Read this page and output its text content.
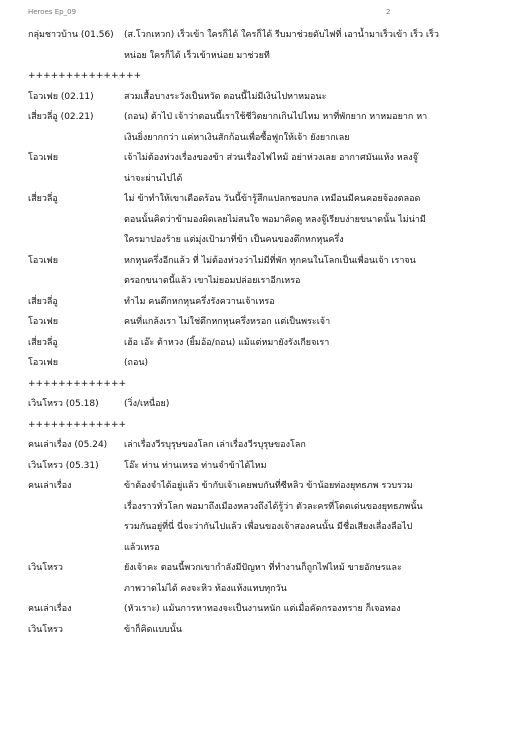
Heroes Ep_09	2
กลุ่มชาวบ้าน (01.56)	(ส.โวกเหวก) เร็วเข้า ใครก็ได้ ใครก็ได้ รีบมาช่วยดับไฟที่ เอาน้ำมาเร็วเข้า เร็ว เร็ว
หน่อย ใครก็ได้ เร็วเข้าหน่อย มาช่วยที
+++++++++++++++
โอวเฟย (02.11)	สวมเสื้อบางระวังเป็นหวัด ตอนนี้ไม่มีเงินไปหาหมอนะ
เสี่ยวลี่อู (02.21)	(ถอน) ต้าไป่ เจ้าว่าตอนนี้เราใช้ชีวิตยากเกินไปไหม หาที่พักยาก หาหมอยาก หา
เงินยิ่งยากกว่า แค่หาเงินสักก้อนเพื่อซื้อฟูกให้เจ้า ยังยากเลย
โอวเฟย	เจ้าไม่ต้องห่วงเรื่องของข้า ส่วนเรื่องไฟไหม้ อย่าห่วงเลย อากาศมันแห้ง หลงจู๊
น่าจะผ่านไปได้
เสี่ยวลี่อู	ไม่ ข้าทำให้เขาเดือดร้อน วันนี้ข้ารู้สึกแปลกชอบกล เหมือนมีคนคอยจ้องตลอด
ตอนนั้นคิดว่าข้ามองผิดเลยไม่สนใจ พอมาคิดดู หลงจู๊เรียบง่ายขนาดนั้น ไม่น่ามี
ใครมาปองร้าย แต่มุ่งเป้ามาที่ข้า เป็นคนของตึกหกหุนครึ่ง
โอวเฟย	หกหุนครึ่งอีกแล้ว ที่ ไม่ต้องห่วงว่าไม่มีที่พัก ทุกคนในโลกเป็นเพื่อนเจ้า เราจน
ตรอกขนาดนี้แล้ว เขาไม่ยอมปล่อยเราอีกเหรอ
เสี่ยวลี่อู	ทำไม คนตึกหกหุนครึ่งรังควานเจ้าเหรอ
โอวเฟย	คนที่แกล้งเรา ไม่ใช่ตึกหกหุนครึ่งหรอก แต่เป็นพระเจ้า
เสี่ยวลี่อู	เฮ้อ เอ๊ะ ต้าหวง (ยิ้มอ้อ/ถอน) แม้แต่หมายังรังเกียจเรา
โอวเฟย	(ถอน)
+++++++++++++
เวินโหรว (05.18)	(วิ่ง/เหนื่อย)
+++++++++++++
คนเล่าเรื่อง (05.24)	เล่าเรื่องวีรบุรุษของโลก เล่าเรื่องวีรบุรุษของโลก
เวินโหรว (05.31)	โอ๊ะ ท่าน ท่านเหรอ ท่านจำข้าได้ไหม
คนเล่าเรื่อง	ข้าต้องจำได้อยู่แล้ว ข้ากับเจ้าเคยพบกันที่ซีหลิว ข้าน้อยท่องยุทธภพ รวบรวม
เรื่องราวทั่วโลก พอมาถึงเมืองหลวงถึงได้รู้ว่า ตัวละครที่โดดเด่นของยุทธภพนั้น
รวมกันอยู่ที่นี่ นี่จะว่ากันไปแล้ว เพื่อนของเจ้าสองคนนั้น มีชื่อเสียงเลื่องลือไป
แล้วเหรอ
เวินโหรว	ยังเจ้าคะ ตอนนี้พวกเขากำลังมีปัญหา ที่ทำงานก็ถูกไฟไหม้ ขายอักษรและ
ภาพวาดไม่ได้ คงจะหิว ท้องแห้งแทบทุกวัน
คนเล่าเรื่อง	(หัวเราะ) แม้นการหาทองจะเป็นงานหนัก แต่เมื่อคัดกรองทราย ก็เจอทอง
เวินโหรว	ข้าก็คิดแบบนั้น
